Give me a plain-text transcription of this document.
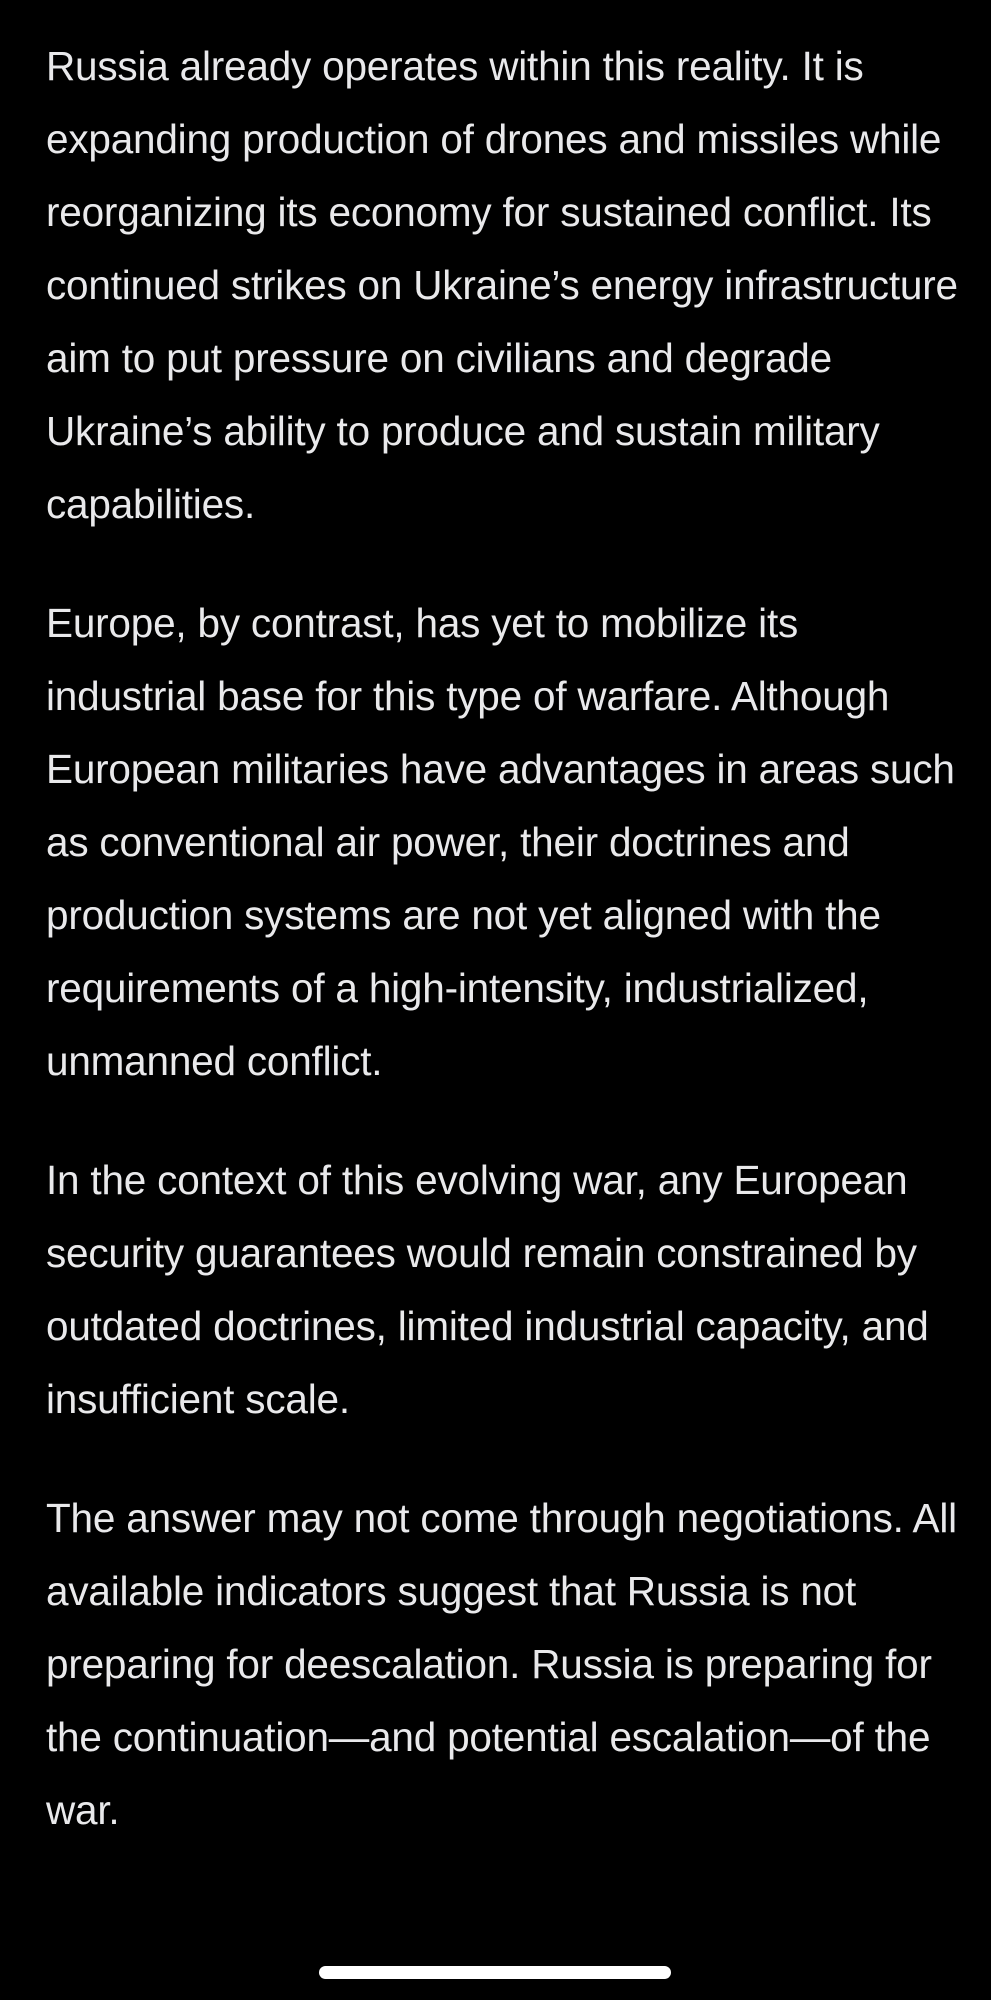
Russia already operates within this reality. It is expanding production of drones and missiles while reorganizing its economy for sustained conflict. Its continued strikes on Ukraine’s energy infrastructure aim to put pressure on civilians and degrade Ukraine’s ability to produce and sustain military capabilities.

Europe, by contrast, has yet to mobilize its industrial base for this type of warfare. Although European militaries have advantages in areas such as conventional air power, their doctrines and production systems are not yet aligned with the requirements of a high-intensity, industrialized, unmanned conflict.

In the context of this evolving war, any European security guarantees would remain constrained by outdated doctrines, limited industrial capacity, and insufficient scale.

The answer may not come through negotiations. All available indicators suggest that Russia is not preparing for deescalation. Russia is preparing for the continuation—and potential escalation—of the war.
